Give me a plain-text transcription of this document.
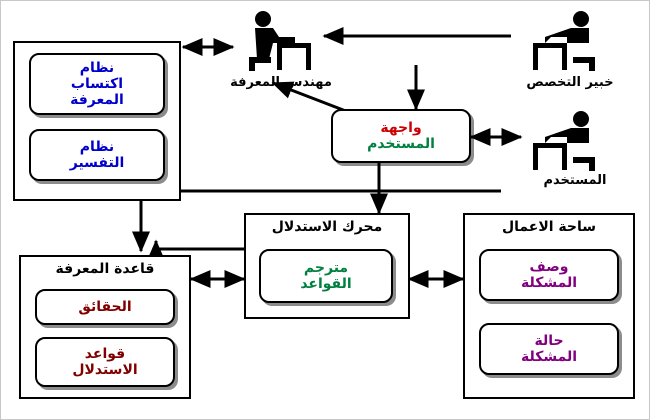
نظام
اكتساب
المعرفة
نظام
التفسير
واجهة
المستخدم
محرك الاستدلال
مترجم
القواعد
قاعدة المعرفة
الحقائق
قواعد
الاستدلال
ساحة الاعمال
وصف
المشكلة
حالة
المشكلة
مهندس المعرفة	خبير التخصص
المستخدم
